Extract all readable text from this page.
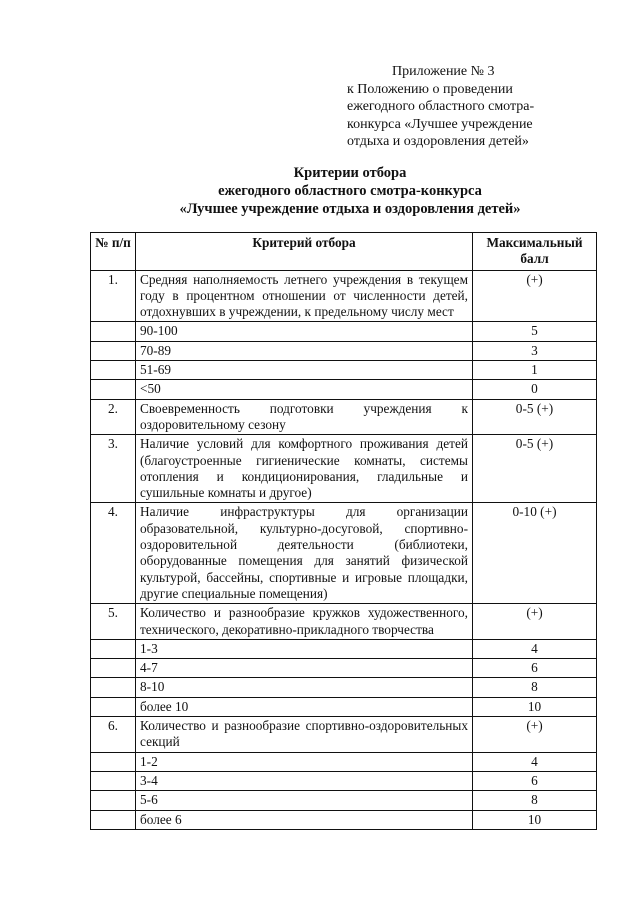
Приложение № 3
к Положению о проведении
ежегодного областного смотра-
конкурса «Лучшее учреждение
отдыха и оздоровления детей»
Критерии отбора
ежегодного областного смотра-конкурса
«Лучшее учреждение отдыха и оздоровления детей»
№ п/п	Критерий отбора	Максимальный балл
1.	Средняя наполняемость летнего учреждения в текущем году в процентном отношении от численности детей, отдохнувших в учреждении, к предельному числу мест	(+)
	90-100	5
	70-89	3
	51-69	1
	<50	0
2.	Своевременность подготовки учреждения к оздоровительному сезону	0-5 (+)
3.	Наличие условий для комфортного проживания детей (благоустроенные гигиенические комнаты, системы отопления и кондиционирования, гладильные и сушильные комнаты и другое)	0-5 (+)
4.	Наличие инфраструктуры для организации образовательной, культурно-досуговой, спортивно-оздоровительной деятельности (библиотеки, оборудованные помещения для занятий физической культурой, бассейны, спортивные и игровые площадки, другие специальные помещения)	0-10 (+)
5.	Количество и разнообразие кружков художественного, технического, декоративно-прикладного творчества	(+)
	1-3	4
	4-7	6
	8-10	8
	более 10	10
6.	Количество и разнообразие спортивно-оздоровительных секций	(+)
	1-2	4
	3-4	6
	5-6	8
	более 6	10
